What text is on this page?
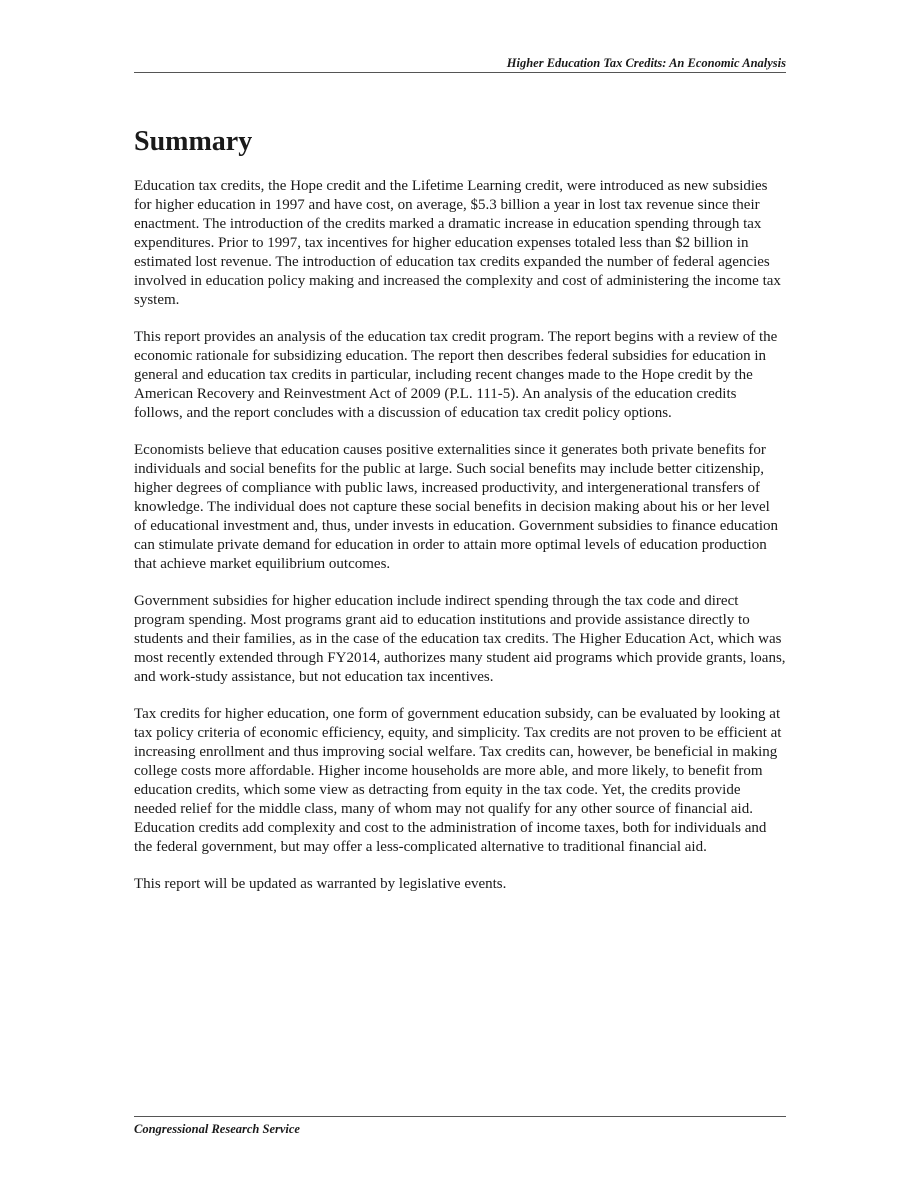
Higher Education Tax Credits: An Economic Analysis
Summary

Education tax credits, the Hope credit and the Lifetime Learning credit, were introduced as new subsidies for higher education in 1997 and have cost, on average, $5.3 billion a year in lost tax revenue since their enactment. The introduction of the credits marked a dramatic increase in education spending through tax expenditures. Prior to 1997, tax incentives for higher education expenses totaled less than $2 billion in estimated lost revenue. The introduction of education tax credits expanded the number of federal agencies involved in education policy making and increased the complexity and cost of administering the income tax system.

This report provides an analysis of the education tax credit program. The report begins with a review of the economic rationale for subsidizing education. The report then describes federal subsidies for education in general and education tax credits in particular, including recent changes made to the Hope credit by the American Recovery and Reinvestment Act of 2009 (P.L. 111-5). An analysis of the education credits follows, and the report concludes with a discussion of education tax credit policy options.

Economists believe that education causes positive externalities since it generates both private benefits for individuals and social benefits for the public at large. Such social benefits may include better citizenship, higher degrees of compliance with public laws, increased productivity, and intergenerational transfers of knowledge. The individual does not capture these social benefits in decision making about his or her level of educational investment and, thus, under invests in education. Government subsidies to finance education can stimulate private demand for education in order to attain more optimal levels of education production that achieve market equilibrium outcomes.

Government subsidies for higher education include indirect spending through the tax code and direct program spending. Most programs grant aid to education institutions and provide assistance directly to students and their families, as in the case of the education tax credits. The Higher Education Act, which was most recently extended through FY2014, authorizes many student aid programs which provide grants, loans, and work-study assistance, but not education tax incentives.

Tax credits for higher education, one form of government education subsidy, can be evaluated by looking at tax policy criteria of economic efficiency, equity, and simplicity. Tax credits are not proven to be efficient at increasing enrollment and thus improving social welfare. Tax credits can, however, be beneficial in making college costs more affordable. Higher income households are more able, and more likely, to benefit from education credits, which some view as detracting from equity in the tax code. Yet, the credits provide needed relief for the middle class, many of whom may not qualify for any other source of financial aid. Education credits add complexity and cost to the administration of income taxes, both for individuals and the federal government, but may offer a less-complicated alternative to traditional financial aid.

This report will be updated as warranted by legislative events.

Congressional Research Service
